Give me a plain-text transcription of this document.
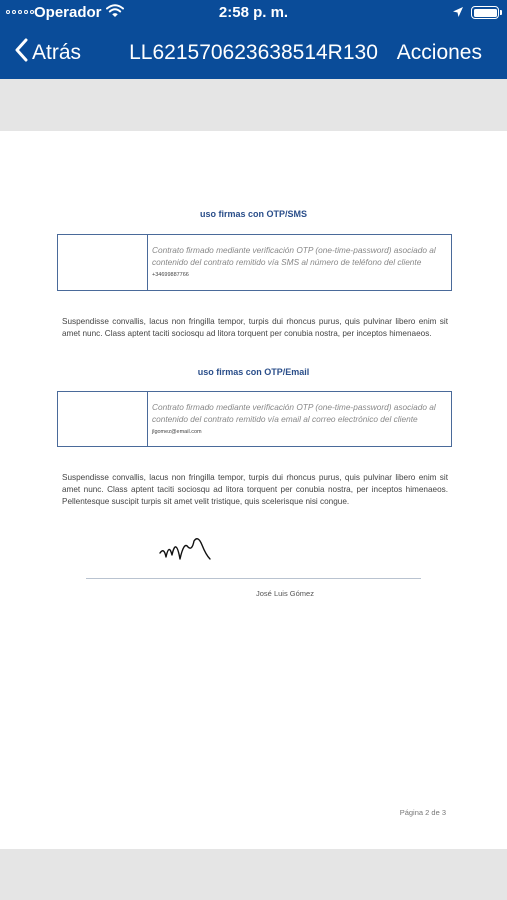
Operador	2:58 p. m.
Atrás	LL621570623638514R130 Acciones
uso firmas con OTP/SMS
Contrato firmado mediante verificación OTP (one-time-password) asociado al contenido del contrato remitido vía SMS al número de teléfono del cliente +34699887766
Suspendisse convallis, lacus non fringilla tempor, turpis dui rhoncus purus, quis pulvinar libero enim sit amet nunc. Class aptent taciti sociosqu ad litora torquent per conubia nostra, per inceptos himenaeos.
uso firmas con OTP/Email
Contrato firmado mediante verificación OTP (one-time-password) asociado al contenido del contrato remitido vía email al correo electrónico del cliente jlgomez@email.com
Suspendisse convallis, lacus non fringilla tempor, turpis dui rhoncus purus, quis pulvinar libero enim sit amet nunc. Class aptent taciti sociosqu ad litora torquent per conubia nostra, per inceptos himenaeos. Pellentesque suscipit turpis sit amet velit tristique, quis scelerisque nisi congue.
José Luis Gómez
Página 2 de 3
